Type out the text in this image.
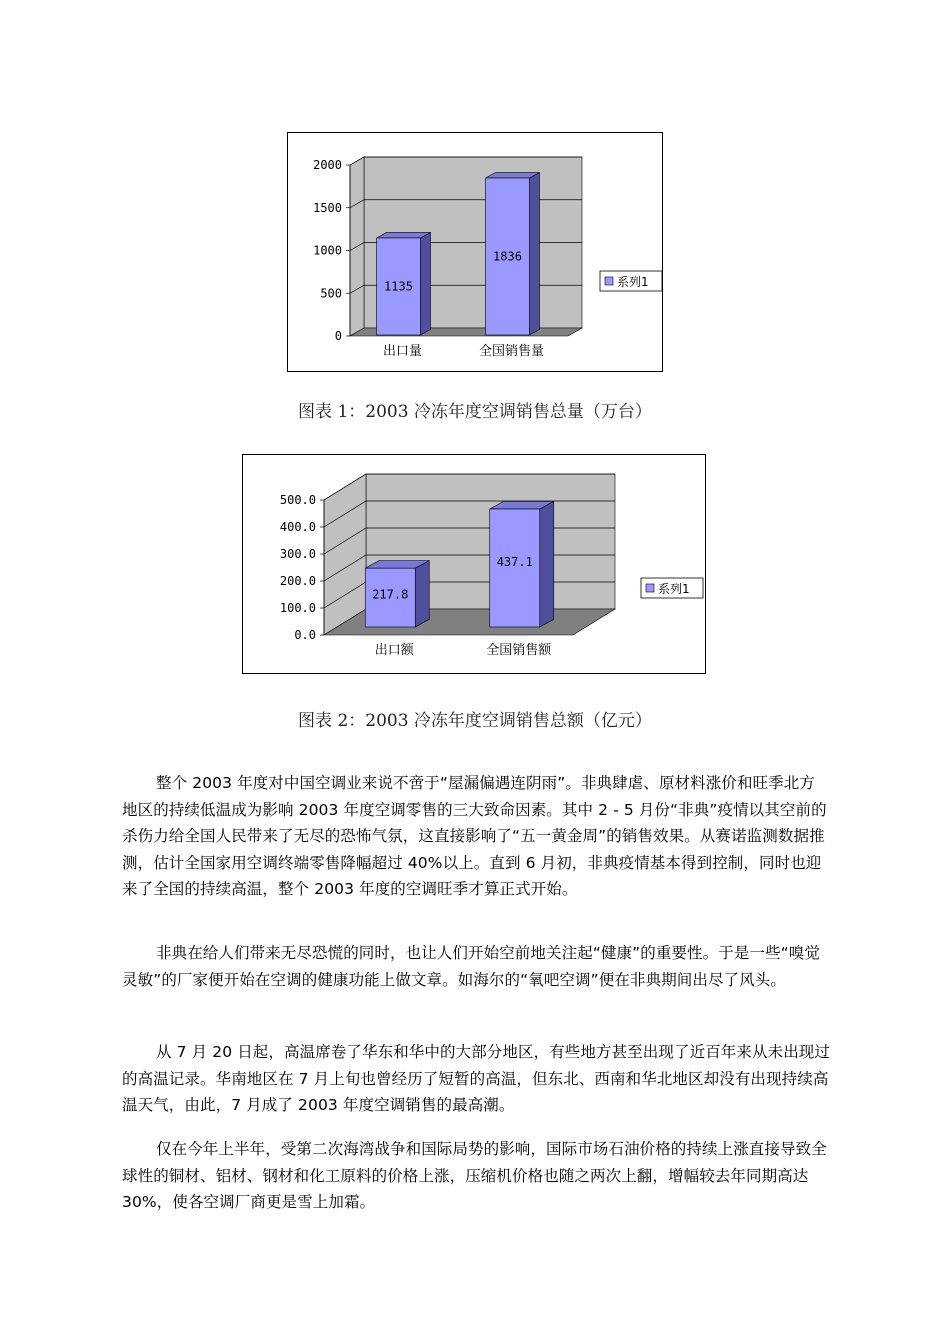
0
500
1000
1500
2000
1135
出口量
1836
全国销售量
系列1
图表 1：2003 冷冻年度空调销售总量（万台）
0.0
100.0
200.0
300.0
400.0
500.0
217.8
出口额
437.1
全国销售额
系列1
图表 2：2003 冷冻年度空调销售总额（亿元）

整个 2003 年度对中国空调业来说不啻于“屋漏偏遇连阴雨”。非典肆虐、原材料涨价和旺季北方地区的持续低温成为影响 2003 年度空调零售的三大致命因素。其中 2 - 5 月份“非典”疫情以其空前的杀伤力给全国人民带来了无尽的恐怖气氛，这直接影响了“五一黄金周”的销售效果。从赛诺监测数据推测，估计全国家用空调终端零售降幅超过 40%以上。直到 6 月初，非典疫情基本得到控制，同时也迎来了全国的持续高温，整个 2003 年度的空调旺季才算正式开始。

非典在给人们带来无尽恐慌的同时，也让人们开始空前地关注起“健康”的重要性。于是一些“嗅觉灵敏”的厂家便开始在空调的健康功能上做文章。如海尔的“氧吧空调”便在非典期间出尽了风头。

从 7 月 20 日起，高温席卷了华东和华中的大部分地区，有些地方甚至出现了近百年来从未出现过的高温记录。华南地区在 7 月上旬也曾经历了短暂的高温，但东北、西南和华北地区却没有出现持续高温天气，由此，7 月成了 2003 年度空调销售的最高潮。

仅在今年上半年，受第二次海湾战争和国际局势的影响，国际市场石油价格的持续上涨直接导致全球性的铜材、铝材、钢材和化工原料的价格上涨，压缩机价格也随之两次上翻，增幅较去年同期高达 30%，使各空调厂商更是雪上加霜。
